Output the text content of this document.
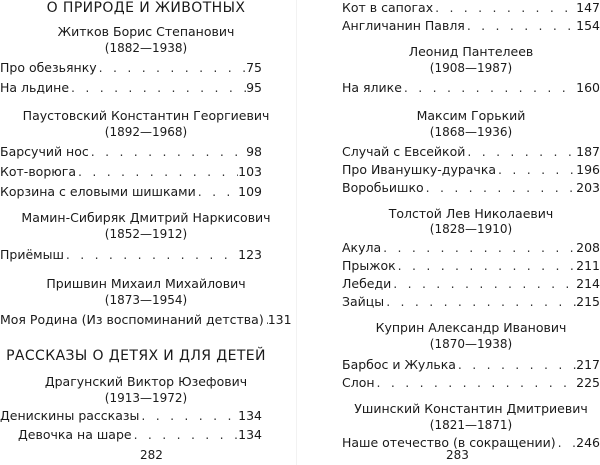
О ПРИРОДЕ И ЖИВОТНЫХ
Житков Борис Степанович
(1882—1938)
Про обезьянку . . .	75
На льдине . . .	95
Паустовский Константин Георгиевич
(1892—1968)
Барсучий нос . . .	98
Кот-ворюга . . .	103
Корзина с еловыми шишками . . .	109
Мамин-Сибиряк Дмитрий Наркисович
(1852—1912)
Приёмыш . . .	123
Пришвин Михаил Михайлович
(1873—1954)
Моя Родина (Из воспоминаний детства) . . . 131
РАССКАЗЫ О ДЕТЯХ И ДЛЯ ДЕТЕЙ
Драгунский Виктор Юзефович
(1913—1972)
Денискины рассказы . . .	134
Девочка на шаре . . .	134
282
Кот в сапогах . . .	147
Англичанин Павля . . .	154
Леонид Пантелеев
(1908—1987)
На ялике . . .	160
Максим Горький
(1868—1936)
Случай с Евсейкой . . .	187
Про Иванушку-дурачка . . .	196
Воробьишко . . .	203
Толстой Лев Николаевич
(1828—1910)
Акула . . .	208
Прыжок . . .	211
Лебеди . . .	214
Зайцы . . .	215
Куприн Александр Иванович
(1870—1938)
Барбос и Жулька . . .	217
Слон . . .	225
Ушинский Константин Дмитриевич
(1821—1871)
Наше отечество (в сокращении) . . . 246
283
